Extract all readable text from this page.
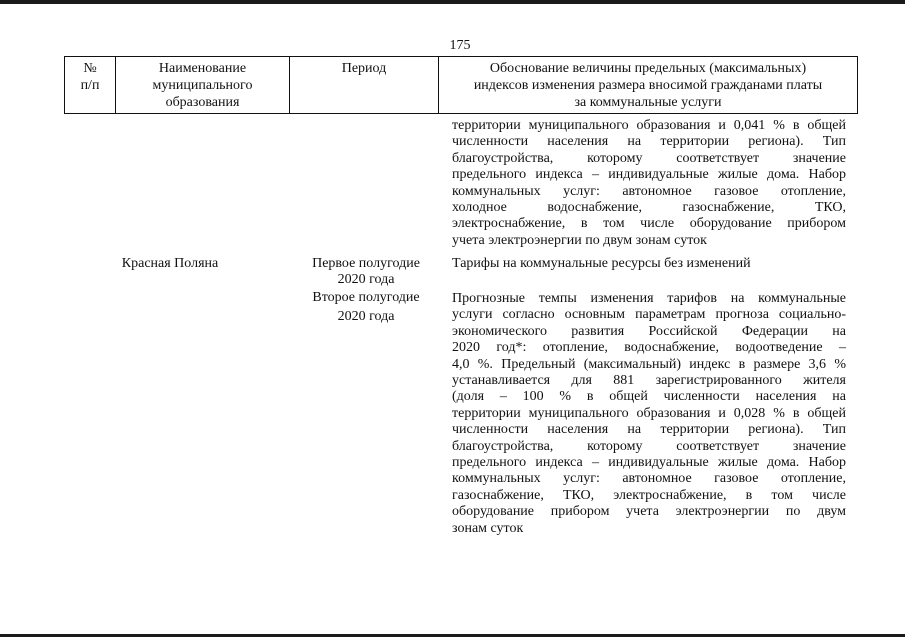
175
№
п/п
Наименование
муниципального
образования
Период	Обоснование величины предельных (максимальных)
индексов изменения размера вносимой гражданами платы
за коммунальные услуги
территории муниципального образования и 0,041 % в общей
численности населения на территории региона). Тип
благоустройства, которому соответствует значение
предельного индекса – индивидуальные жилые дома. Набор
коммунальных услуг: автономное газовое отопление,
холодное водоснабжение, газоснабжение, ТКО,
электроснабжение, в том числе оборудование прибором
учета электроэнергии по двум зонам суток
Красная Поляна	Первое полугодие
2020 года
Тарифы на коммунальные ресурсы без изменений
Второе полугодие
2020 года
Прогнозные темпы изменения тарифов на коммунальные
услуги согласно основным параметрам прогноза социально-
экономического развития Российской Федерации на
2020 год*: отопление, водоснабжение, водоотведение –
4,0 %. Предельный (максимальный) индекс в размере 3,6 %
устанавливается для 881 зарегистрированного жителя
(доля – 100 % в общей численности населения на
территории муниципального образования и 0,028 % в общей
численности населения на территории региона). Тип
благоустройства, которому соответствует значение
предельного индекса – индивидуальные жилые дома. Набор
коммунальных услуг: автономное газовое отопление,
газоснабжение, ТКО, электроснабжение, в том числе
оборудование прибором учета электроэнергии по двум
зонам суток
